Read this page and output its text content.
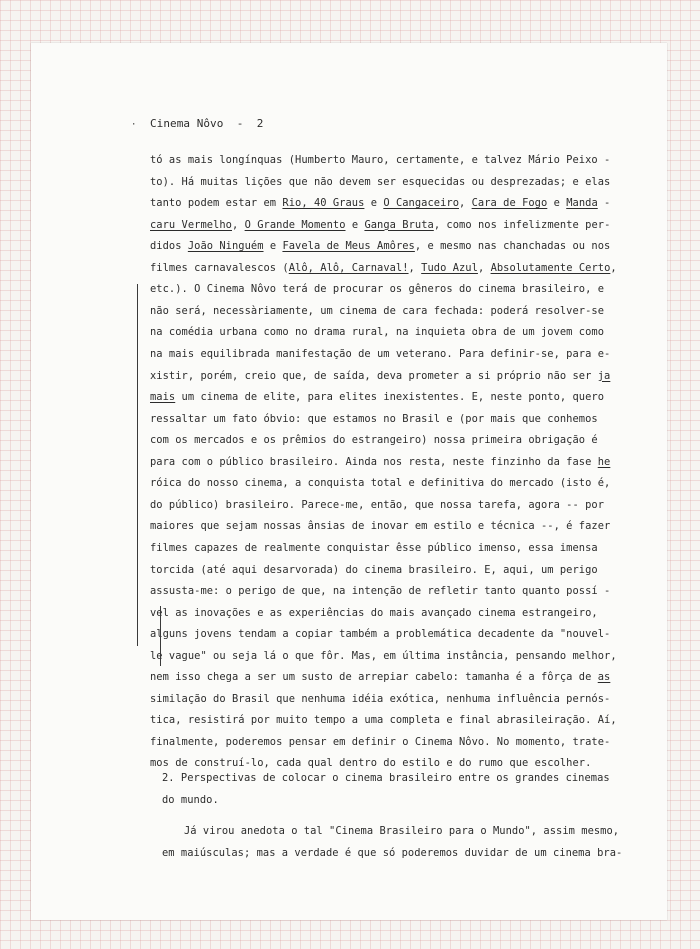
· Cinema Nôvo  -  2

tó as mais longínquas (Humberto Mauro, certamente, e talvez Mário Peixo -

to). Há muitas lições que não devem ser esquecidas ou desprezadas; e elas

tanto podem estar em Rio, 40 Graus e O Cangaceiro, Cara de Fogo e Manda -

caru Vermelho, O Grande Momento e Ganga Bruta, como nos infelizmente per-

didos João Ninguém e Favela de Meus Amôres, e mesmo nas chanchadas ou nos

filmes carnavalescos (Alô, Alô, Carnaval!, Tudo Azul, Absolutamente Certo,

etc.). O Cinema Nôvo terá de procurar os gêneros do cinema brasileiro, e

não será, necessàriamente, um cinema de cara fechada: poderá resolver-se

na comédia urbana como no drama rural, na inquieta obra de um jovem como

na mais equilibrada manifestação de um veterano. Para definir-se, para e-

xistir, porém, creio que, de saída, deva prometer a si próprio não ser ja

mais um cinema de elite, para elites inexistentes. E, neste ponto, quero

ressaltar um fato óbvio: que estamos no Brasil e (por mais que conhemos

com os mercados e os prêmios do estrangeiro) nossa primeira obrigação é

para com o público brasileiro. Ainda nos resta, neste finzinho da fase he

róica do nosso cinema, a conquista total e definitiva do mercado (isto é,

do público) brasileiro. Parece-me, então, que nossa tarefa, agora -- por

maiores que sejam nossas ânsias de inovar em estilo e técnica --, é fazer

filmes capazes de realmente conquistar êsse público imenso, essa imensa

torcida (até aqui desarvorada) do cinema brasileiro. E, aqui, um perigo

assusta-me: o perigo de que, na intenção de refletir tanto quanto possí -

vel as inovações e as experiências do mais avançado cinema estrangeiro,

alguns jovens tendam a copiar também a problemática decadente da "nouvel-

le vague" ou seja lá o que fôr. Mas, em última instância, pensando melhor,

nem isso chega a ser um susto de arrepiar cabelo: tamanha é a fôrça de as

similação do Brasil que nenhuma idéia exótica, nenhuma influência pernós-

tica, resistirá por muito tempo a uma completa e final abrasileiração. Aí,

finalmente, poderemos pensar em definir o Cinema Nôvo. No momento, trate-

mos de construí-lo, cada qual dentro do estilo e do rumo que escolher.

2. Perspectivas de colocar o cinema brasileiro entre os grandes cinemas

do mundo.

Já virou anedota o tal "Cinema Brasileiro para o Mundo", assim mesmo,

em maiúsculas; mas a verdade é que só poderemos duvidar de um cinema bra-
